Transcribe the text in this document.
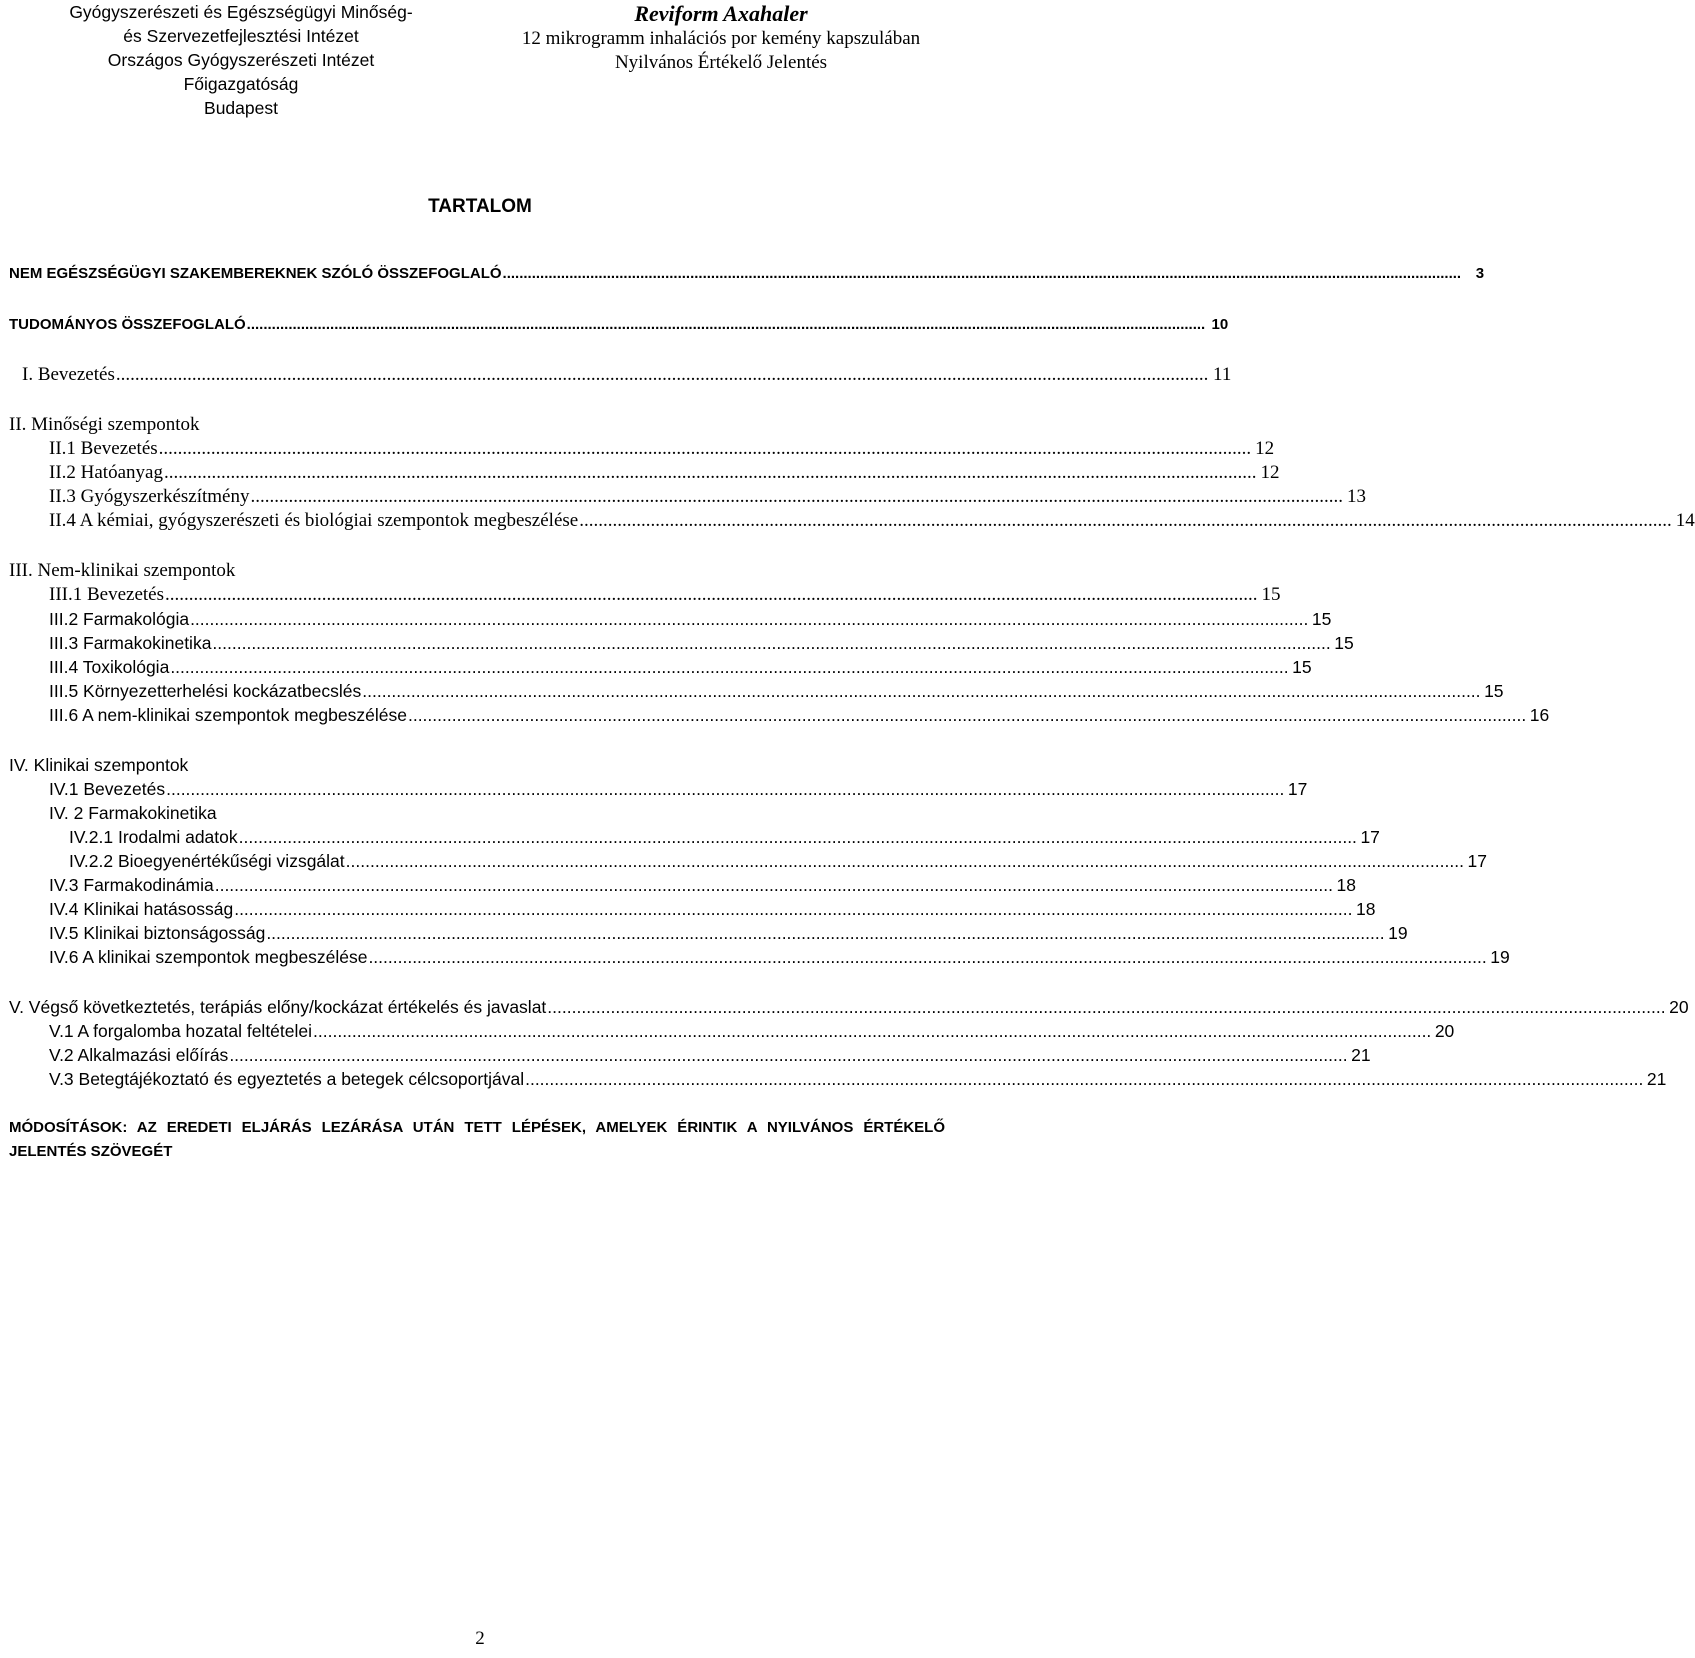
Gyógyszerészeti és Egészségügyi Minőség-
és Szervezetfejlesztési Intézet
Országos Gyógyszerészeti Intézet
Főigazgatóság
Budapest
Reviform Axahaler
12 mikrogramm inhalációs por kemény kapszulában
Nyilvános Értékelő Jelentés
TARTALOM
NEM EGÉSZSÉGÜGYI SZAKEMBEREKNEK SZÓLÓ ÖSSZEFOGLALÓ ...................................................................................................................................................................................................................................... 3
TUDOMÁNYOS ÖSSZEFOGLALÓ ...................................................................................................................................................................................................................................... 10
I. Bevezetés ...................................................................................................................................................................................................................................... 11
II. Minőségi szempontok
II.1 Bevezetés ...................................................................................................................................................................................................................................... 12
II.2 Hatóanyag ...................................................................................................................................................................................................................................... 12
II.3 Gyógyszerkészítmény ...................................................................................................................................................................................................................................... 13
II.4 A kémiai, gyógyszerészeti és biológiai szempontok megbeszélése ...................................................................................................................................................................................................................................... 14
III. Nem-klinikai szempontok
III.1 Bevezetés ...................................................................................................................................................................................................................................... 15
III.2 Farmakológia ...................................................................................................................................................................................................................................... 15
III.3 Farmakokinetika ...................................................................................................................................................................................................................................... 15
III.4 Toxikológia ...................................................................................................................................................................................................................................... 15
III.5 Környezetterhelési kockázatbecslés ...................................................................................................................................................................................................................................... 15
III.6 A nem-klinikai szempontok megbeszélése ...................................................................................................................................................................................................................................... 16
IV. Klinikai szempontok
IV.1 Bevezetés ...................................................................................................................................................................................................................................... 17
IV. 2 Farmakokinetika
IV.2.1 Irodalmi adatok ...................................................................................................................................................................................................................................... 17
IV.2.2 Bioegyenértékűségi vizsgálat ...................................................................................................................................................................................................................................... 17
IV.3 Farmakodinámia ...................................................................................................................................................................................................................................... 18
IV.4 Klinikai hatásosság ...................................................................................................................................................................................................................................... 18
IV.5 Klinikai biztonságosság ...................................................................................................................................................................................................................................... 19
IV.6 A klinikai szempontok megbeszélése ...................................................................................................................................................................................................................................... 19
V. Végső következtetés, terápiás előny/kockázat értékelés és javaslat ...................................................................................................................................................................................................................................... 20
V.1 A forgalomba hozatal feltételei ...................................................................................................................................................................................................................................... 20
V.2 Alkalmazási előírás ...................................................................................................................................................................................................................................... 21
V.3 Betegtájékoztató és egyeztetés a betegek célcsoportjával ...................................................................................................................................................................................................................................... 21
MÓDOSÍTÁSOK: AZ EREDETI ELJÁRÁS LEZÁRÁSA UTÁN TETT LÉPÉSEK, AMELYEK ÉRINTIK A NYILVÁNOS ÉRTÉKELŐ JELENTÉS SZÖVEGÉT
2
